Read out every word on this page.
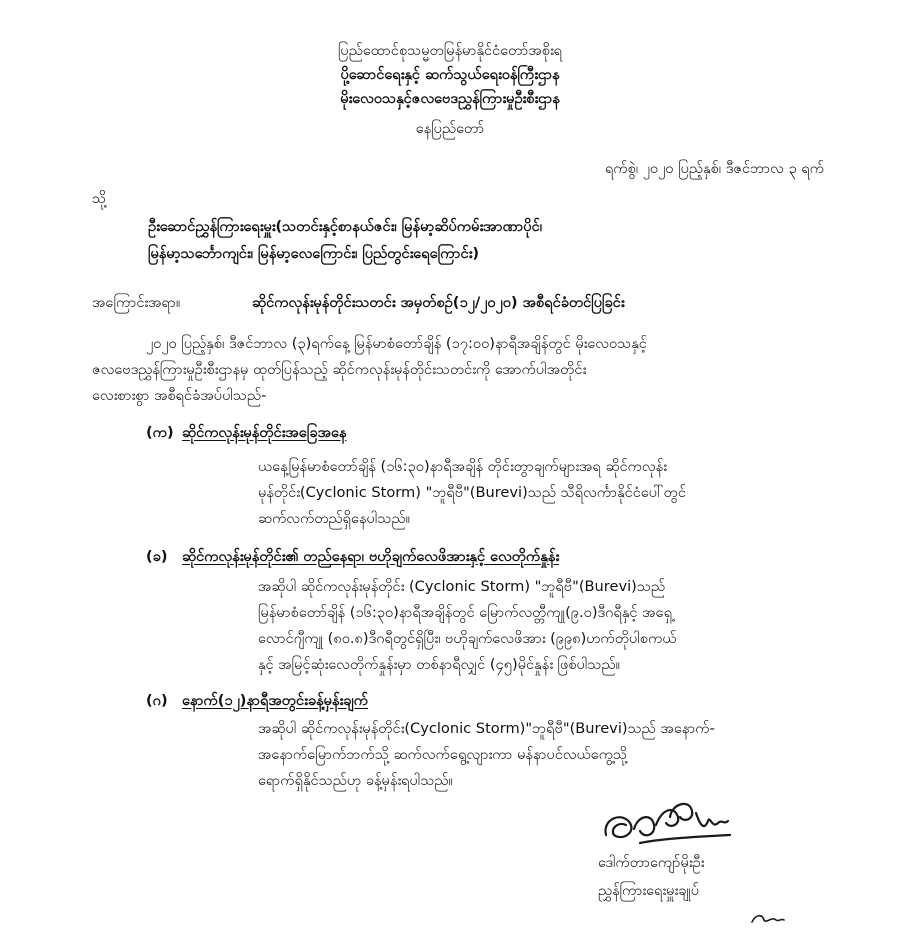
ပြည်ထောင်စုသမ္မတမြန်မာနိုင်ငံတော်အစိုးရ
ပို့ဆောင်ရေးနှင့် ဆက်သွယ်ရေးဝန်ကြီးဌာန
မိုးလေဝသနှင့်ဇလဗေဒညွှန်ကြားမှုဦးစီးဌာန
နေပြည်တော်
ရက်စွဲ၊ ၂၀၂၀ ပြည့်နှစ်၊ ဒီဇင်ဘာလ ၃ ရက်
သို့
ဦးဆောင်ညွှန်ကြားရေးမှူး(သတင်းနှင့်စာနယ်ဇင်း၊ မြန်မာ့ဆိပ်ကမ်းအာဏာပိုင်၊
မြန်မာ့သင်္ဘောကျင်း၊ မြန်မာ့လေကြောင်း၊ ပြည်တွင်းရေကြောင်း)
အကြောင်းအရာ။	ဆိုင်ကလုန်းမုန်တိုင်းသတင်း အမှတ်စဉ်(၁၂/၂၀၂၀) အစီရင်ခံတင်ပြခြင်း
၂၀၂၀ ပြည့်နှစ်၊ ဒီဇင်ဘာလ (၃)ရက်နေ့ မြန်မာစံတော်ချိန် (၁၇:၀၀)နာရီအချိန်တွင် မိုးလေဝသနှင့်
ဇလဗေဒညွှန်ကြားမှုဦးစီးဌာနမှ ထုတ်ပြန်သည့် ဆိုင်ကလုန်းမုန်တိုင်းသတင်းကို အောက်ပါအတိုင်း
လေးစားစွာ အစီရင်ခံအပ်ပါသည်-
(က) ဆိုင်ကလုန်းမုန်တိုင်းအခြေအနေ
ယနေ့မြန်မာစံတော်ချိန် (၁၆:၃၀)နာရီအချိန် တိုင်းတွာချက်များအရ ဆိုင်ကလုန်း
မုန်တိုင်း(Cyclonic Storm) "ဘူရီဗီ"(Burevi)သည် သီရိလင်္ကာနိုင်ငံပေါ်တွင်
ဆက်လက်တည်ရှိနေပါသည်။
(ခ) ဆိုင်ကလုန်းမုန်တိုင်း၏ တည်နေရာ၊ ဗဟိုချက်လေဖိအားနှင့် လေတိုက်နှုန်း
အဆိုပါ ဆိုင်ကလုန်းမုန်တိုင်း (Cyclonic Storm) "ဘူရီဗီ"(Burevi)သည်
မြန်မာစံတော်ချိန် (၁၆:၃၀)နာရီအချိန်တွင် မြောက်လတ္တီကျု(၉.၀)ဒီဂရီနှင့် အရှေ့
လောင်ဂျီကျု (၈၀.၈)ဒီဂရီတွင်ရှိပြီး၊ ဗဟိုချက်လေဖိအား (၉၉၈)ဟက်တိုပါစကယ်
နှင့် အမြင့်ဆုံးလေတိုက်နှုန်းမှာ တစ်နာရီလျှင် (၄၅)မိုင်နှုန်း ဖြစ်ပါသည်။
(ဂ) နောက်(၁၂)နာရီအတွင်းခန့်မှန်းချက်
အဆိုပါ ဆိုင်ကလုန်းမုန်တိုင်း(Cyclonic Storm)"ဘူရီဗီ"(Burevi)သည် အနောက်-
အနောက်မြောက်ဘက်သို့ ဆက်လက်ရွေ့လျားကာ မန်နာပင်လယ်ကွေ့သို့
ရောက်ရှိနိုင်သည်ဟု ခန့်မှန်းရပါသည်။
ဒေါက်တာကျော်မိုးဦး
ညွှန်ကြားရေးမှူးချုပ်
